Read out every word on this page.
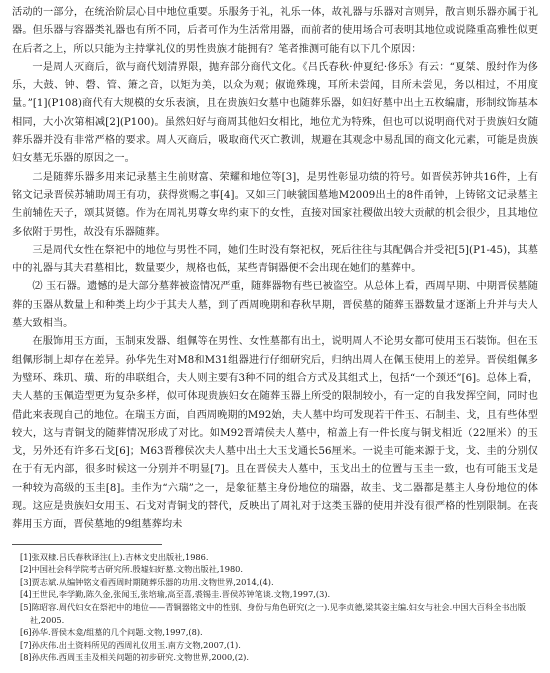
活动的一部分，在统治阶层心目中地位重要。乐服务于礼，礼乐一体，故礼器与乐器对言则异，散言则乐器亦属于礼器。但乐器与容器类礼器也有所不同，后者可作为生活常用器，而前者的使用场合可表明其地位或说隆重高雅性似更在后者之上，所以只能为主持掌礼仪的男性贵族才能拥有？笔者推测可能有以下几个原因：

一是周人灭商后，欲与商代划清界限，抛弃部分商代文化。《吕氏春秋·仲夏纪·侈乐》有云：“夏桀、殷纣作为侈乐，大鼓、钟、磬、管、箫之音，以矩为美，以众为观；俶诡殊瑰，耳所未尝闻，目所未尝见，务以相过，不用度量。”[1](P108)商代有大规模的女乐表演，且在贵族妇女墓中也随葬乐器，如妇好墓中出土五枚编庸，形制纹饰基本相同，大小次第相减[2](P100)。虽然妇好与商周其他妇女相比，地位尤为特殊，但也可以说明商代对于贵族妇女随葬乐器并没有非常严格的要求。周人灭商后，吸取商代灭亡教训，规避在其观念中易乱国的商文化元素，可能是贵族妇女墓无乐器的原因之一。

二是随葬乐器多用来记录墓主生前财富、荣耀和地位等[3]，是男性彰显功绩的符号。如晋侯苏钟共16件，上有铭文记录晋侯苏辅助周王有功，获得赏赐之事[4]。又如三门峡虢国墓地M2009出土的8件甬钟，上铸铭文记录墓主生前辅佐天子，颂其贤德。作为在周礼男尊女卑约束下的女性，直接对国家社稷做出较大贡献的机会很少，且其地位多依附于男性，故没有乐器随葬。

三是周代女性在祭祀中的地位与男性不同，她们生时没有祭祀权，死后往往与其配偶合并受祀[5](P1-45)，其墓中的礼器与其夫君墓相比，数量要少，规格也低，某些青铜器便不会出现在她们的墓葬中。

⑵ 玉石器。遗憾的是大部分墓葬被盗情况严重，随葬器物有些已被盗空。从总体上看，西周早期、中期晋侯墓随葬的玉器从数量上和种类上均少于其夫人墓，到了西周晚期和春秋早期，晋侯墓的随葬玉器数量才逐渐上升并与夫人墓大致相当。

在服饰用玉方面，玉制束发器、组佩等在男性、女性墓都有出土，说明周人不论男女都可使用玉石装饰。但在玉组佩形制上却存在差异。孙华先生对M8和M31组器进行仔细研究后，归纳出周人在佩玉使用上的差异。晋侯组佩多为璧环、珠玑、璜、珩的串联组合，夫人则主要有3种不同的组合方式及其组式上，包括“一个颈还”[6]。总体上看，夫人墓的玉佩造型更为复杂多样，似可体现贵族妇女在随葬玉器上所受的限制较小，有一定的自我发挥空间，同时也借此来表现自己的地位。在瑞玉方面，自西周晚期的M92始，夫人墓中均可发现若干件玉、石制圭、戈，且有些体型较大，这与青铜戈的随葬情况形成了对比。如M92晋靖侯夫人墓中，棺盖上有一件长度与铜戈相近（22厘米）的玉戈，另外还有许多石戈[6]；M63晋穆侯次夫人墓中出土大玉戈通长56厘米。一说圭可能来源于戈，戈、圭的分别仅在于有无内部，很多时候这一分别并不明显[7]。且在晋侯夫人墓中，玉戈出土的位置与玉圭一致，也有可能玉戈是一种较为高级的玉圭[8]。圭作为“六瑞”之一，是象征墓主身份地位的瑞器，故圭、戈二器都是墓主人身份地位的体现。这应是贵族妇女用玉、石戈对青铜戈的替代，反映出了周礼对于这类玉器的使用并没有很严格的性别限制。在丧葬用玉方面，晋侯墓地的9组墓葬均未

[1]张双棣.吕氏春秋译注(上).吉林文史出版社,1986.

[2]中国社会科学院考古研究所.殷墟妇好墓.文物出版社,1980.

[3]贾志斌.从编钟铭文看西周时期随葬乐器的功用.文物世界,2014,(4).

[4]王世民,李学勤,陈久金,张闻玉,张培瑜,高至喜,裘锡圭.晋侯苏钟笔谈.文物,1997,(3).

[5]陈昭容.周代妇女在祭祀中的地位——青铜器铭文中的性别、身份与角色研究(之一).见李贞德,梁其姿主编.妇女与社会.中国大百科全书出版社,2005.

[6]孙华.晋侯木龛/组墓的几个问题.文物,1997,(8).

[7]孙庆伟.出土资料所见的西周礼仪用玉.南方文物,2007,(1).

[8]孙庆伟.西周玉圭及相关问题的初步研究.文物世界,2000,(2).
